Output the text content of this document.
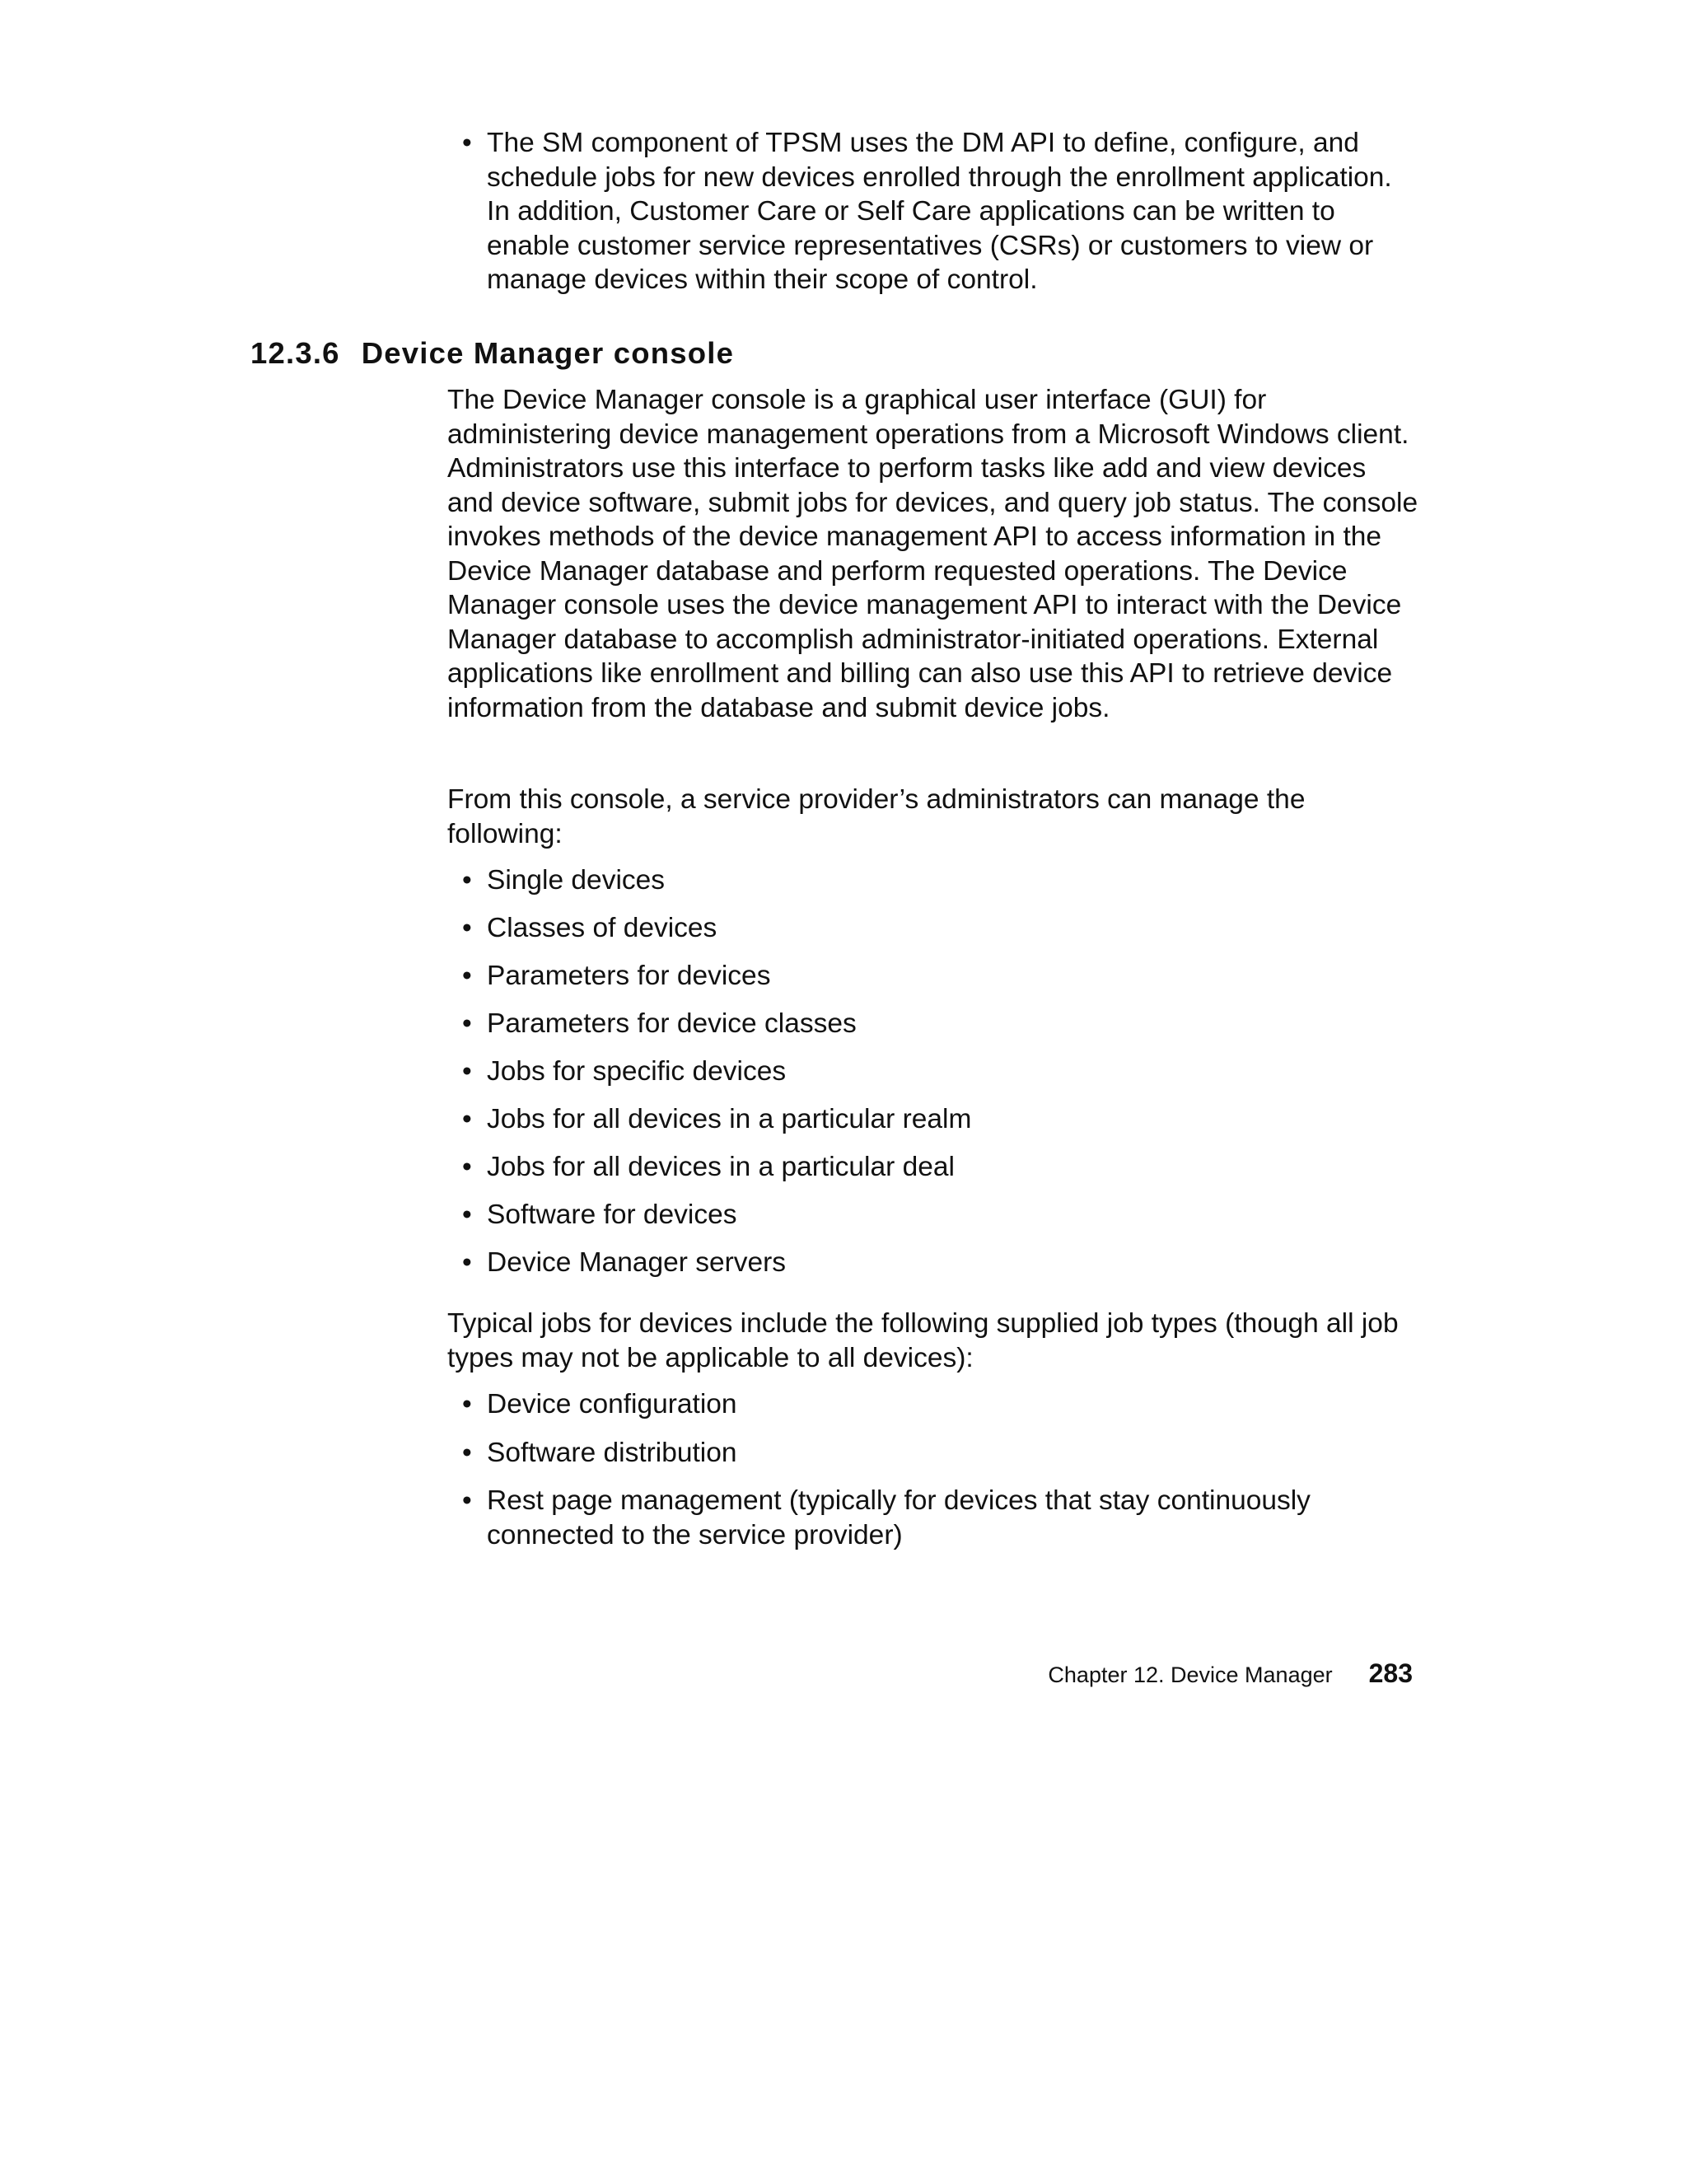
• The SM component of TPSM uses the DM API to define, configure, and schedule jobs for new devices enrolled through the enrollment application. In addition, Customer Care or Self Care applications can be written to enable customer service representatives (CSRs) or customers to view or manage devices within their scope of control.
12.3.6 Device Manager console

The Device Manager console is a graphical user interface (GUI) for administering device management operations from a Microsoft Windows client. Administrators use this interface to perform tasks like add and view devices and device software, submit jobs for devices, and query job status. The console invokes methods of the device management API to access information in the Device Manager database and perform requested operations. The Device Manager console uses the device management API to interact with the Device Manager database to accomplish administrator-initiated operations. External applications like enrollment and billing can also use this API to retrieve device information from the database and submit device jobs.

From this console, a service provider’s administrators can manage the following:

• Single devices
• Classes of devices
• Parameters for devices
• Parameters for device classes
• Jobs for specific devices
• Jobs for all devices in a particular realm
• Jobs for all devices in a particular deal
• Software for devices
• Device Manager servers

Typical jobs for devices include the following supplied job types (though all job types may not be applicable to all devices):

• Device configuration
• Software distribution
• Rest page management (typically for devices that stay continuously connected to the service provider)
Chapter 12. Device Manager 283
